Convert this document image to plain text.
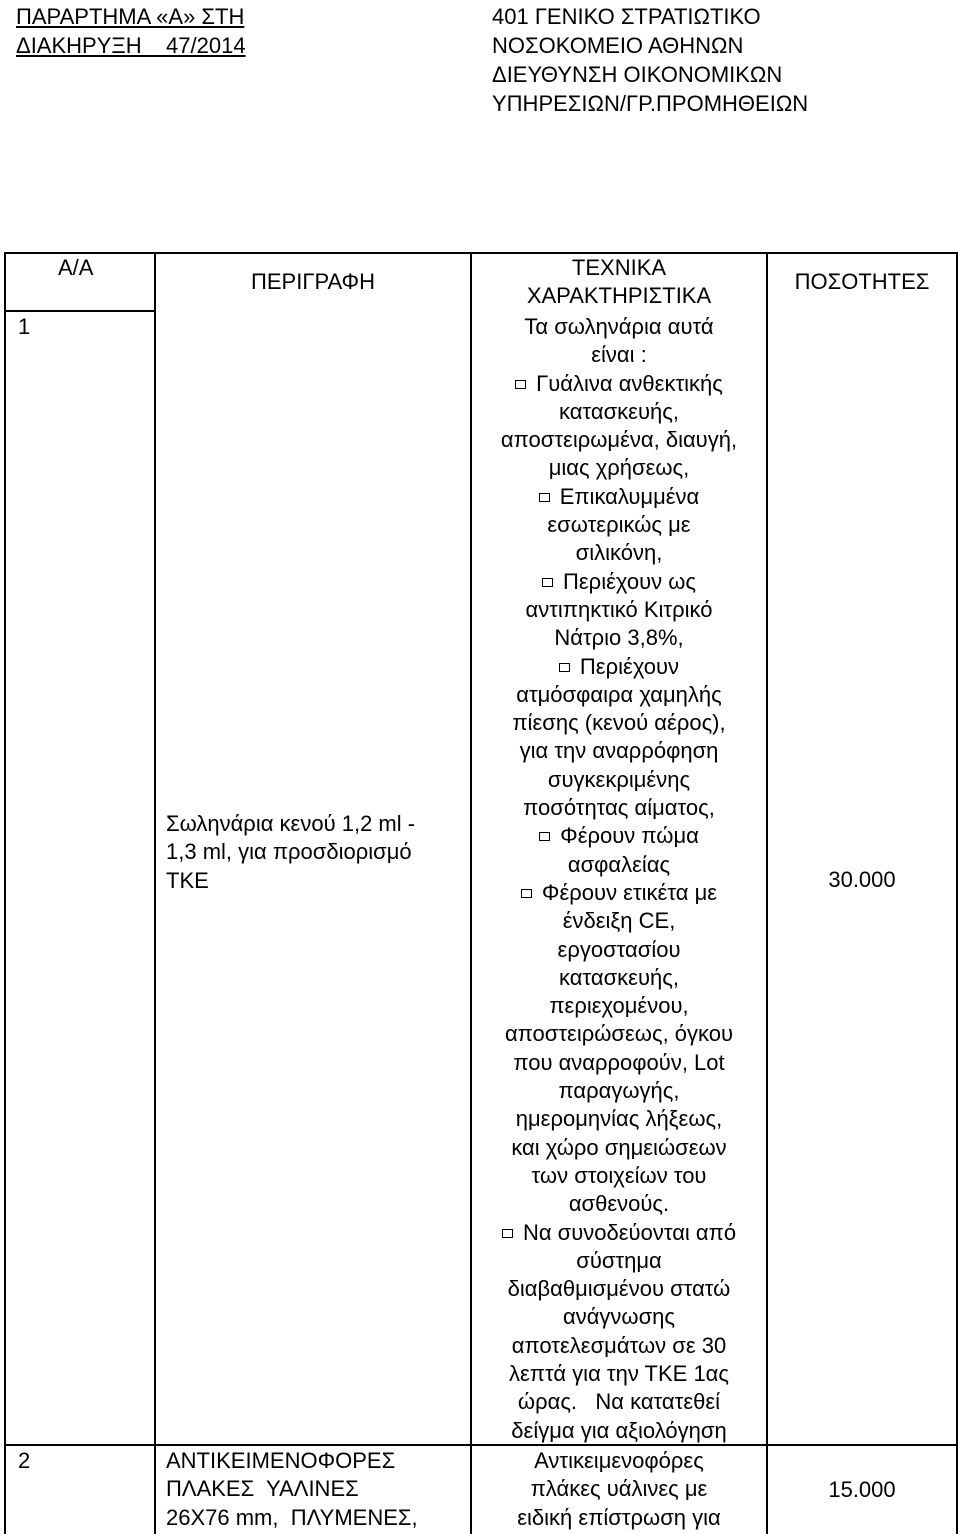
ΠΑΡΑΡΤΗΜΑ «Α» ΣΤΗ
ΔΙΑΚΗΡΥΞΗ    47/2014
401 ΓΕΝΙΚΟ ΣΤΡΑΤΙΩΤΙΚΟ
ΝΟΣΟΚΟΜΕΙΟ ΑΘΗΝΩΝ
ΔΙΕΥΘΥΝΣΗ ΟΙΚΟΝΟΜΙΚΩΝ
ΥΠΗΡΕΣΙΩΝ/ΓΡ.ΠΡΟΜΗΘΕΙΩΝ
Α/Α
ΠΕΡΙΓΡΑΦΗ
ΤΕΧΝΙΚΑ
ΧΑΡΑΚΤΗΡΙΣΤΙΚΑ
ΠΟΣΟΤΗΤΕΣ
1
Σωληνάρια κενού 1,2 ml -
1,3 ml, για προσδιορισμό
ΤΚΕ
Τα σωληνάρια αυτά
είναι :
Γυάλινα ανθεκτικής
κατασκευής,
αποστειρωμένα, διαυγή,
μιας χρήσεως,
Επικαλυμμένα
εσωτερικώς με
σιλικόνη,
Περιέχουν ως
αντιπηκτικό Κιτρικό
Νάτριο 3,8%,
Περιέχουν
ατμόσφαιρα χαμηλής
πίεσης (κενού αέρος),
για την αναρρόφηση
συγκεκριμένης
ποσότητας αίματος,
Φέρουν πώμα
ασφαλείας
Φέρουν ετικέτα με
ένδειξη CE,
εργοστασίου
κατασκευής,
περιεχομένου,
αποστειρώσεως, όγκου
που αναρροφούν, Lot
παραγωγής,
ημερομηνίας λήξεως,
και χώρο σημειώσεων
των στοιχείων του
ασθενούς.
Να συνοδεύονται από
σύστημα
διαβαθμισμένου στατώ
ανάγνωσης
αποτελεσμάτων σε 30
λεπτά για την ΤΚΕ 1ας
ώρας.   Να κατατεθεί
δείγμα για αξιολόγηση
30.000
2	ΑΝΤΙΚΕΙΜΕΝΟΦΟΡΕΣ
ΠΛΑΚΕΣ  ΥΑΛΙΝΕΣ
26X76 mm,  ΠΛΥΜΕΝΕΣ,
Αντικειμενοφόρες
πλάκες υάλινες με
ειδική επίστρωση για
15.000
